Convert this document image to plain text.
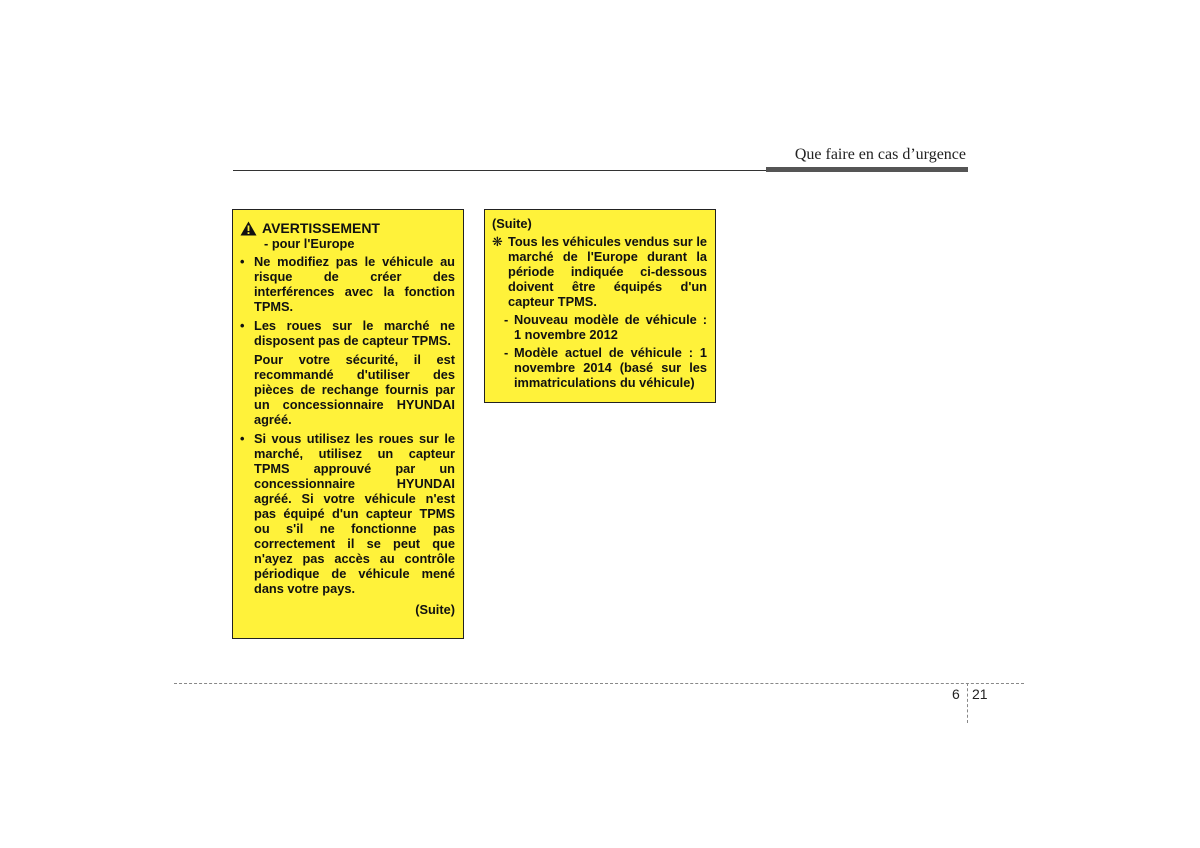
Que faire en cas d’urgence
AVERTISSEMENT
- pour l'Europe
• Ne modifiez pas le véhicule au risque de créer des interférences avec la fonction TPMS.
• Les roues sur le marché ne disposent pas de capteur TPMS.
Pour votre sécurité, il est recommandé d'utiliser des pièces de rechange fournis par un concessionnaire HYUNDAI agréé.
• Si vous utilisez les roues sur le marché, utilisez un capteur TPMS approuvé par un concessionnaire HYUNDAI agréé. Si votre véhicule n'est pas équipé d'un capteur TPMS ou s'il ne fonctionne pas correctement il se peut que n'ayez pas accès au contrôle périodique de véhicule mené dans votre pays.
(Suite)
(Suite)
❋ Tous les véhicules vendus sur le marché de l'Europe durant la période indiquée ci-dessous doivent être équipés d'un capteur TPMS.
- Nouveau modèle de véhicule : 1 novembre 2012
- Modèle actuel de véhicule : 1 novembre 2014 (basé sur les immatriculations du véhicule)
6 21
